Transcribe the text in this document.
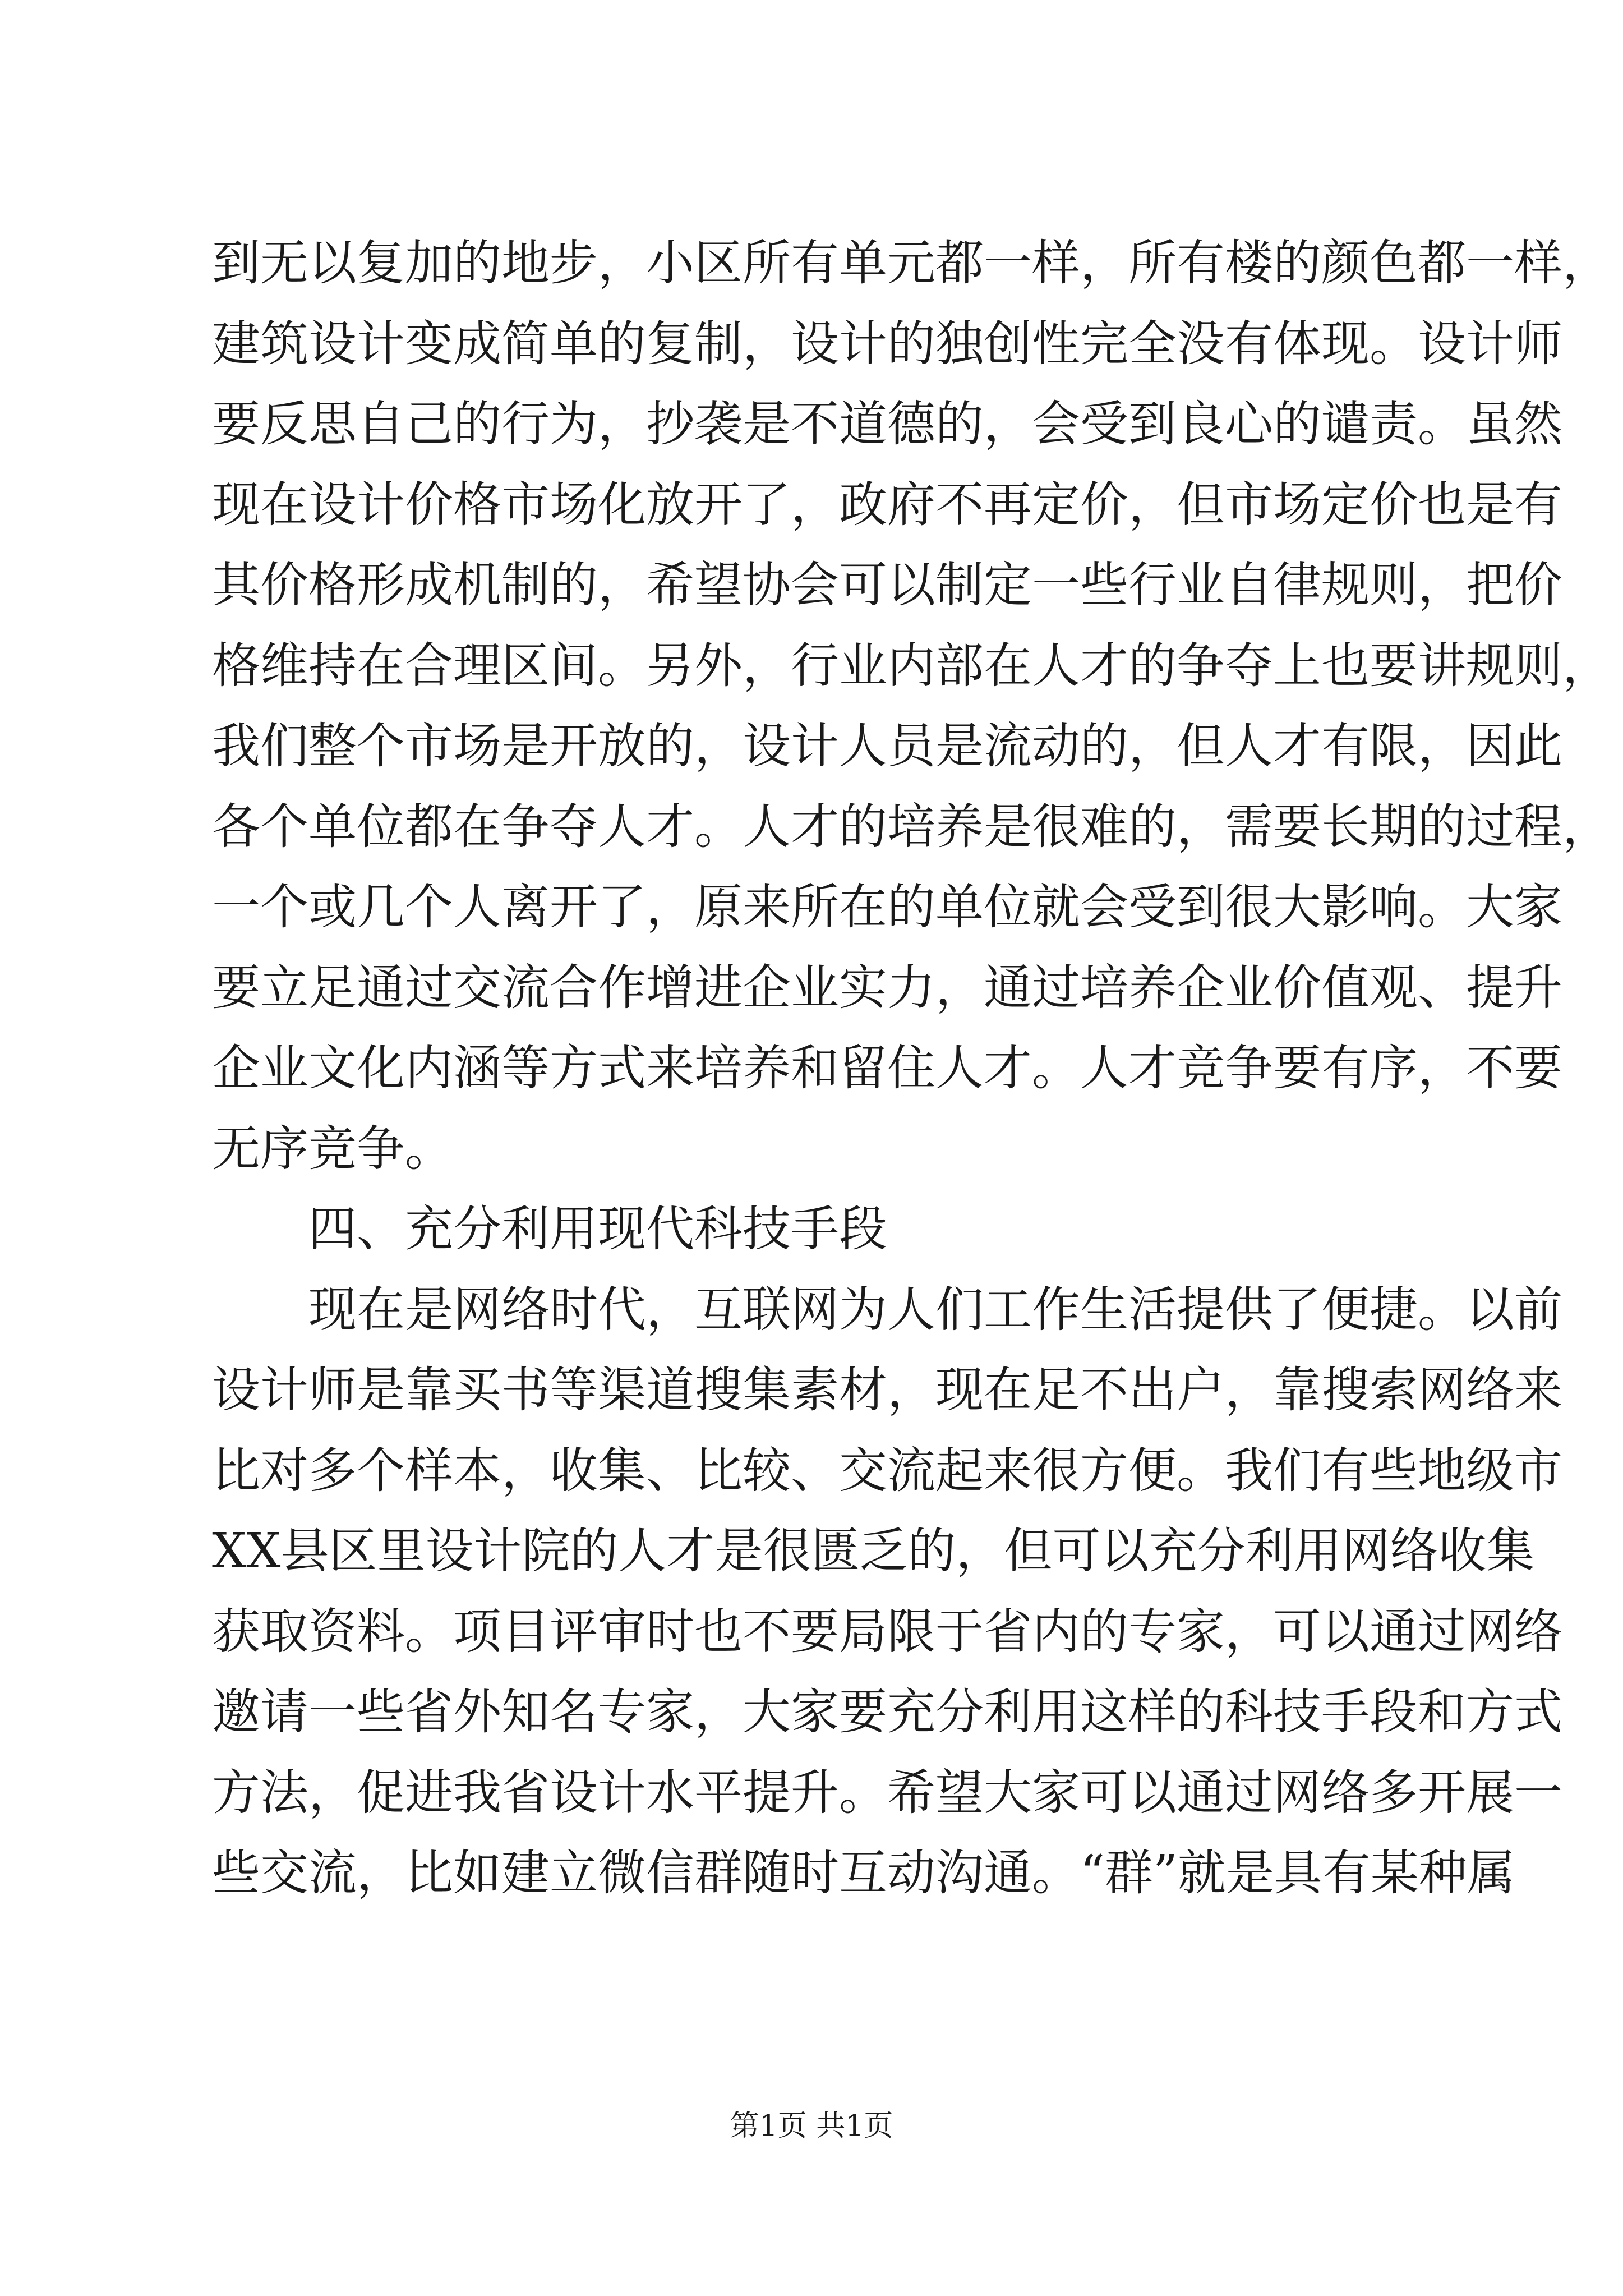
到无以复加的地步，小区所有单元都一样，所有楼的颜色都一样，
建筑设计变成简单的复制，设计的独创性完全没有体现。设计师
要反思自己的行为，抄袭是不道德的，会受到良心的谴责。虽然
现在设计价格市场化放开了，政府不再定价，但市场定价也是有
其价格形成机制的，希望协会可以制定一些行业自律规则，把价
格维持在合理区间。另外，行业内部在人才的争夺上也要讲规则，
我们整个市场是开放的，设计人员是流动的，但人才有限，因此
各个单位都在争夺人才。人才的培养是很难的，需要长期的过程，
一个或几个人离开了，原来所在的单位就会受到很大影响。大家
要立足通过交流合作增进企业实力，通过培养企业价值观、提升
企业文化内涵等方式来培养和留住人才。人才竞争要有序，不要
无序竞争。
四、充分利用现代科技手段
现在是网络时代，互联网为人们工作生活提供了便捷。以前
设计师是靠买书等渠道搜集素材，现在足不出户，靠搜索网络来
比对多个样本，收集、比较、交流起来很方便。我们有些地级市
XX县区里设计院的人才是很匮乏的，但可以充分利用网络收集
获取资料。项目评审时也不要局限于省内的专家，可以通过网络
邀请一些省外知名专家，大家要充分利用这样的科技手段和方式
方法，促进我省设计水平提升。希望大家可以通过网络多开展一
些交流，比如建立微信群随时互动沟通。“群”就是具有某种属
第1页 共1页
